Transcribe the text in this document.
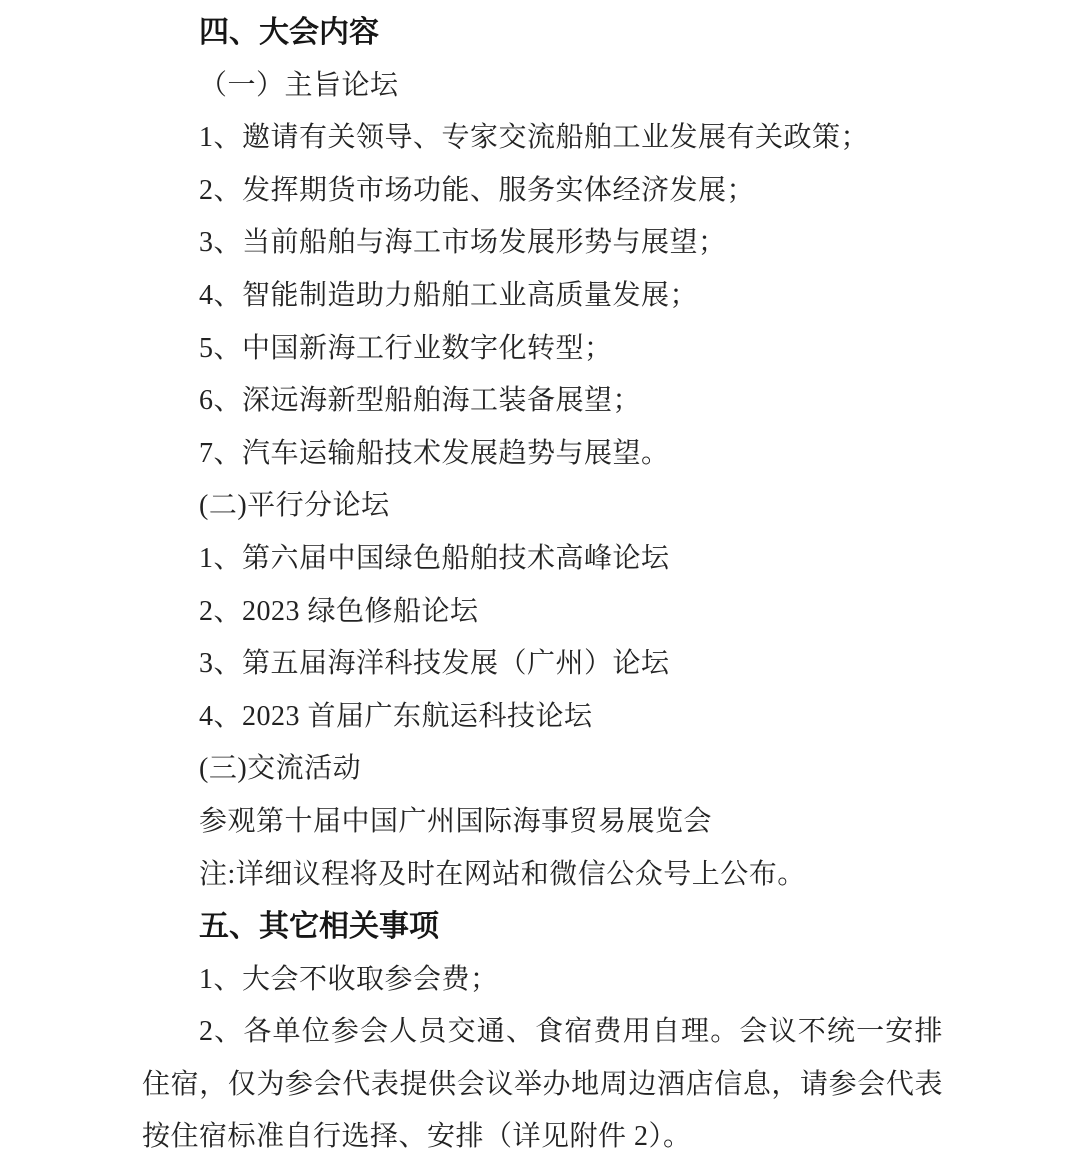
四、大会内容
（一）主旨论坛
1、邀请有关领导、专家交流船舶工业发展有关政策；
2、发挥期货市场功能、服务实体经济发展；
3、当前船舶与海工市场发展形势与展望；
4、智能制造助力船舶工业高质量发展；
5、中国新海工行业数字化转型；
6、深远海新型船舶海工装备展望；
7、汽车运输船技术发展趋势与展望。
(二)平行分论坛
1、第六届中国绿色船舶技术高峰论坛
2、2023 绿色修船论坛
3、第五届海洋科技发展（广州）论坛
4、2023 首届广东航运科技论坛
(三)交流活动
参观第十届中国广州国际海事贸易展览会
注:详细议程将及时在网站和微信公众号上公布。
五、其它相关事项
1、大会不收取参会费；
2、各单位参会人员交通、食宿费用自理。会议不统一安排
住宿，仅为参会代表提供会议举办地周边酒店信息，请参会代表
按住宿标准自行选择、安排（详见附件 2）。
